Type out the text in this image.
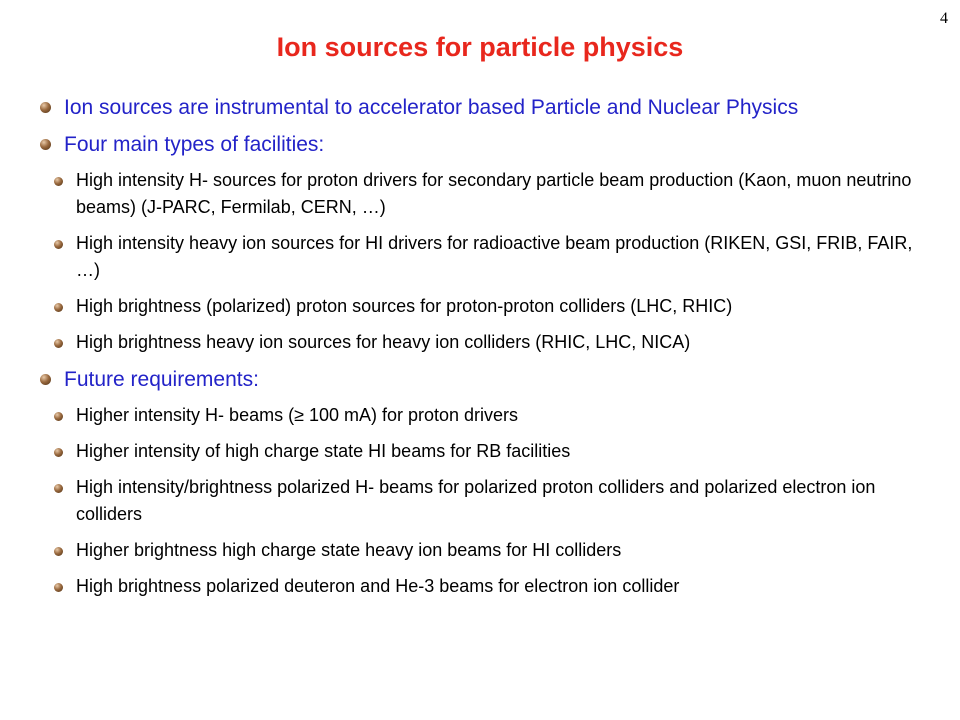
4
Ion sources for particle physics
Ion sources are instrumental to accelerator based Particle and Nuclear Physics
Four main types of facilities:
High intensity H- sources for proton drivers for secondary particle beam production (Kaon, muon neutrino beams) (J-PARC, Fermilab, CERN, …)
High intensity heavy ion sources for HI drivers for radioactive beam production (RIKEN, GSI, FRIB, FAIR, …)
High brightness (polarized) proton sources for proton-proton colliders (LHC, RHIC)
High brightness heavy ion sources for heavy ion colliders (RHIC, LHC, NICA)
Future requirements:
Higher intensity H- beams (≥ 100 mA) for proton drivers
Higher intensity of high charge state HI beams for RB facilities
High intensity/brightness polarized H- beams for polarized proton colliders and polarized electron ion colliders
Higher brightness high charge state heavy ion beams for HI colliders
High brightness polarized deuteron and He-3 beams for electron ion collider
